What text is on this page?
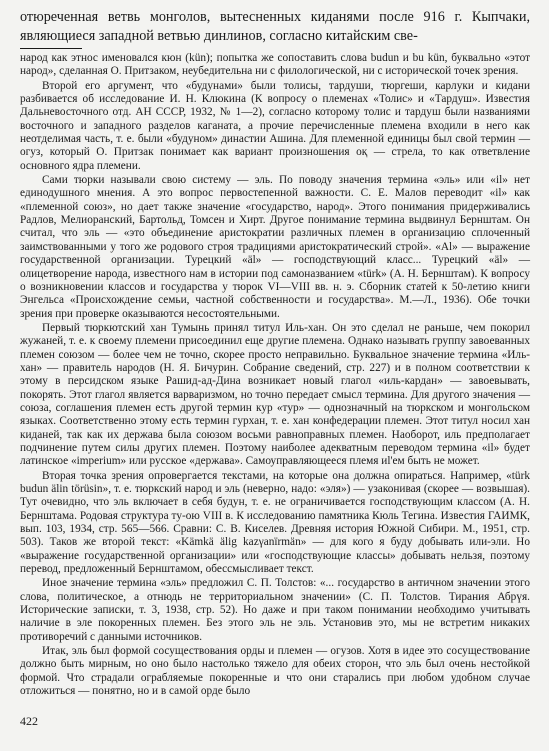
отюреченная ветвь монголов, вытесненных киданями после 916 г. Кыпчаки, являющиеся западной ветвью динлинов, согласно китайским све-

народ как этнос именовался кюн (kün); попытка же сопоставить слова budun и bu kün, буквально «этот народ», сделанная О. Притзаком, неубедительна ни с филологической, ни с исторической точек зрения.

Второй его аргумент, что «будунами» были толисы, тардуши, тюргеши, карлуки и кидани разбивается об исследование И. Н. Клюкина (К вопросу о племенах «Толис» и «Тардуш». Известия Дальневосточного отд. АН СССР, 1932, № 1—2), согласно которому толис и тардуш были названиями восточного и западного разделов каганата, а прочие перечисленные племена входили в него как неотделимая часть, т. е. были «будуном» династии Ашина. Для племенной единицы был свой термин — огуз, который О. Притзак понимает как вариант произношения оқ — стрела, то как ответвление основного ядра племени.

Сами тюрки называли свою систему — эль. По поводу значения термина «эль» или «il» нет единодушного мнения. А это вопрос первостепенной важности. С. Е. Малов переводит «il» как «племенной союз», но дает также значение «государство, народ». Этого понимания придерживались Радлов, Мелиоранский, Бартольд, Томсен и Хирт. Другое понимание термина выдвинул Бернштам. Он считал, что эль — «это объединение аристократии различных племен в организацию сплоченный заимствованными у того же родового строя традициями аристократический строй». «Al» — выражение государственной организации. Турецкий «äl» — господствующий класс... Турецкий «äl» — олицетворение народа, известного нам в истории под самоназванием «türk» (А. Н. Бернштам). К вопросу о возникновении классов и государства у тюрок VI—VIII вв. н. э. Сборник статей к 50-летию книги Энгельса «Происхождение семьи, частной собственности и государства». М.—Л., 1936). Обе точки зрения при проверке оказываются несостоятельными.

Первый тюркютский хан Тумынь принял титул Иль-хан. Он это сделал не раньше, чем покорил жужаней, т. е. к своему племени присоединил еще другие племена. Однако называть группу завоеванных племен союзом — более чем не точно, скорее просто неправильно. Буквальное значение термина «Иль-хан» — правитель народов (Н. Я. Бичурин. Собрание сведений, стр. 227) и в полном соответствии к этому в персидском языке Рашид-ад-Дина возникает новый глагол «иль-кардан» — завоевывать, покорять. Этот глагол является варваризмом, но точно передает смысл термина. Для другого значения — союза, соглашения племен есть другой термин кур «тур» — однозначный на тюркском и монгольском языках. Соответственно этому есть термин гурхан, т. е. хан конфедерации племен. Этот титул носил хан киданей, так как их держава была союзом восьми равноправных племен. Наоборот, иль предполагает подчинение путем силы других племен. Поэтому наиболее адекватным переводом термина «il» будет латинское «imperium» или русское «держава». Самоуправляющееся племя иl'ем быть не может.

Вторая точка зрения опровергается текстами, на которые она должна опираться. Например, «türk budun älin törüsin», т. е. тюркский народ и эль (неверно, надо: «эля») — узаконивая (скорее — возвышая). Тут очевидно, что эль включает в себя будун, т. е. не ограничивается господствующим классом (А. Н. Бернштама. Родовая структура ту-ою VIII в. К исследованию памятника Кюль Тегина. Известия ГАИМК, вып. 103, 1934, стр. 565—566. Сравни: С. В. Киселев. Древняя история Южной Сибири. М., 1951, стр. 503). Таков же второй текст: «Kämkä älig kazγanïrmän» — для кого я буду добывать или-эли. Но «выражение государственной организации» или «господствующие классы» добывать нельзя, поэтому перевод, предложенный Бернштамом, обессмысливает текст.

Иное значение термина «эль» предложил С. П. Толстов: «... государство в античном значении этого слова, политическое, а отнюдь не территориальном значении» (С. П. Толстов. Тирания Абрүя. Исторические записки, т. 3, 1938, стр. 52). Но даже и при таком понимании необходимо учитывать наличие в эле покоренных племен. Без этого эль не эль. Установив это, мы не встретим никаких противоречий с данными источников.

Итак, эль был формой сосуществования орды и племен — огузов. Хотя в идее это сосуществование должно быть мирным, но оно было настолько тяжело для обеих сторон, что эль был очень нестойкой формой. Что страдали ограбляемые покоренные и что они старались при любом удобном случае отложиться — понятно, но и в самой орде было

422
